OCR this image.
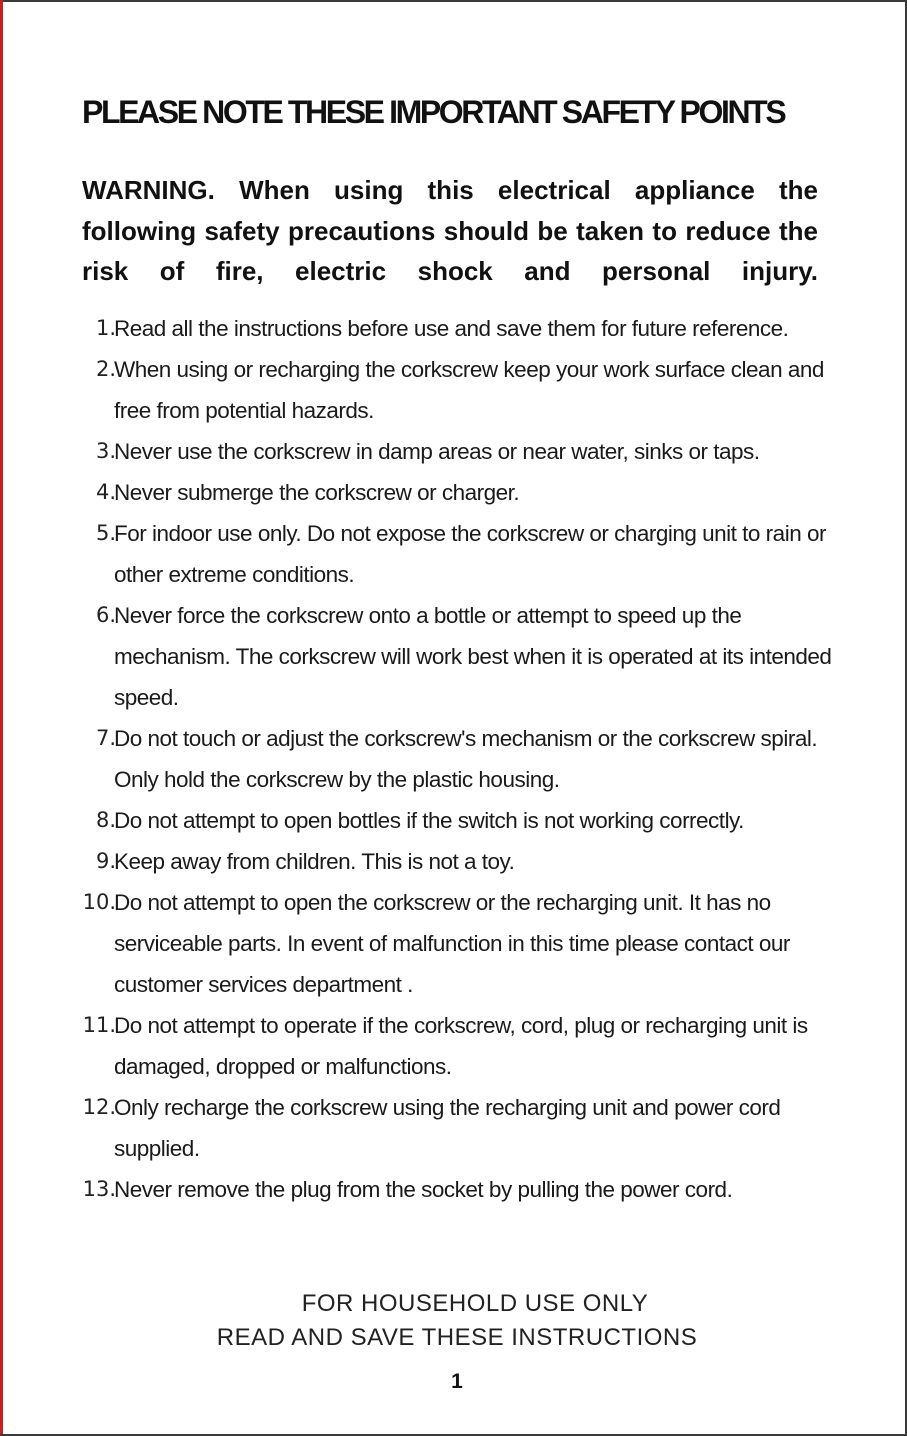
PLEASE NOTE THESE IMPORTANT SAFETY POINTS
WARNING. When using this electrical appliance the following safety precautions should be taken to reduce the risk of fire, electric shock and personal injury.
1.
Read all the instructions before use and save them for future reference.
2.
When using or recharging the corkscrew keep your work surface clean and free from potential hazards.
3.
Never use the corkscrew in damp areas or near water, sinks or taps.
4.
Never submerge the corkscrew or charger.
5.
For indoor use only. Do not expose the corkscrew or charging unit to rain or other extreme conditions.
6.
Never force the corkscrew onto a bottle or attempt to speed up the mechanism. The corkscrew will work best when it is operated at its intended speed.
7.
Do not touch or adjust the corkscrew's mechanism or the corkscrew spiral. Only hold the corkscrew by the plastic housing.
8.
Do not attempt to open bottles if the switch is not working correctly.
9.
Keep away from children. This is not a toy.
10.
Do not attempt to open the corkscrew or the recharging unit. It has no serviceable parts. In event of malfunction in this time please contact our customer services department .
11.
Do not attempt to operate if the corkscrew, cord, plug or recharging unit is damaged, dropped or malfunctions.
12.
Only recharge the corkscrew using the recharging unit and power cord supplied.
13.
Never remove the plug from the socket by pulling the power cord.
FOR HOUSEHOLD USE ONLY
READ AND SAVE THESE INSTRUCTIONS
1
